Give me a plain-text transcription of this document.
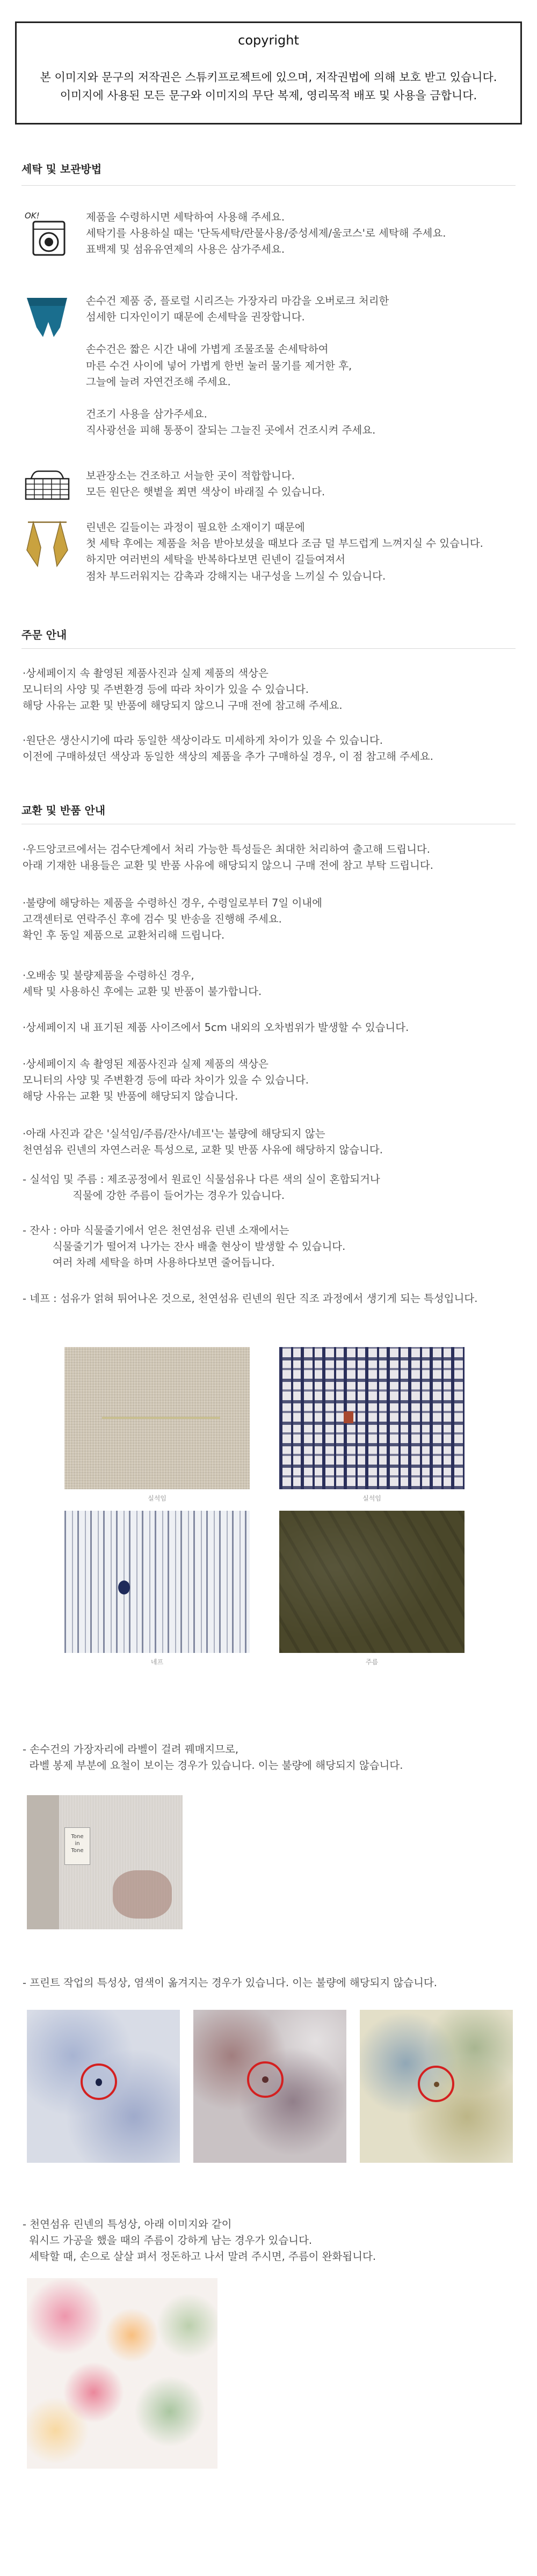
copyright
본 이미지와 문구의 저작권은 스튜키프로젝트에 있으며, 저작권법에 의해 보호 받고 있습니다.
이미지에 사용된 모든 문구와 이미지의 무단 복제, 영리목적 배포 및 사용을 금합니다.
세탁 및 보관방법
OK!	제품을 수령하시면 세탁하여 사용해 주세요.

세탁기를 사용하실 때는 '단독세탁/란물사용/중성세제/울코스'로 세탁해 주세요.

표백제 및 섬유유연제의 사용은 삼가주세요.

손수건 제품 중, 플로럴 시리즈는 가장자리 마감을 오버로크 처리한

섬세한 디자인이기 때문에 손세탁을 권장합니다.

손수건은 짧은 시간 내에 가볍게 조물조물 손세탁하여

마른 수건 사이에 넣어 가볍게 한번 눌러 물기를 제거한 후,

그늘에 늘려 자연건조해 주세요.

건조기 사용을 삼가주세요.

직사광선을 피해 통풍이 잘되는 그늘진 곳에서 건조시켜 주세요.

보관장소는 건조하고 서늘한 곳이 적합합니다.

모든 원단은 햇볕을 쬐면 색상이 바래질 수 있습니다.

린넨은 길들이는 과정이 필요한 소재이기 때문에

첫 세탁 후에는 제품을 처음 받아보셨을 때보다 조금 덜 부드럽게 느껴지실 수 있습니다.

하지만 여러번의 세탁을 반복하다보면 린넨이 길들여져서

점차 부드러워지는 감촉과 강해지는 내구성을 느끼실 수 있습니다.

주문 안내

·상세페이지 속 촬영된 제품사진과 실제 제품의 색상은

모니터의 사양 및 주변환경 등에 따라 차이가 있을 수 있습니다.

해당 사유는 교환 및 반품에 해당되지 않으니 구매 전에 참고해 주세요.

·원단은 생산시기에 따라 동일한 색상이라도 미세하게 차이가 있을 수 있습니다.

이전에 구매하셨던 색상과 동일한 색상의 제품을 추가 구매하실 경우, 이 점 참고해 주세요.

교환 및 반품 안내

·우드앙코르에서는 검수단계에서 처리 가능한 특성들은 최대한 처리하여 출고해 드립니다.

아래 기재한 내용들은 교환 및 반품 사유에 해당되지 않으니 구매 전에 참고 부탁 드립니다.

·불량에 해당하는 제품을 수령하신 경우, 수령일로부터 7일 이내에

고객센터로 연락주신 후에 검수 및 반송을 진행해 주세요.

확인 후 동일 제품으로 교환처리해 드립니다.

·오배송 및 불량제품을 수령하신 경우,

세탁 및 사용하신 후에는 교환 및 반품이 불가합니다.

·상세페이지 내 표기된 제품 사이즈에서 5cm 내외의 오차범위가 발생할 수 있습니다.

·상세페이지 속 촬영된 제품사진과 실제 제품의 색상은

모니터의 사양 및 주변환경 등에 따라 차이가 있을 수 있습니다.

해당 사유는 교환 및 반품에 해당되지 않습니다.

·아래 사진과 같은 '실석임/주름/잔사/네프'는 불량에 해당되지 않는

천연섬유 린넨의 자연스러운 특성으로, 교환 및 반품 사유에 해당하지 않습니다.

- 실석임 및 주름 : 제조공정에서 원료인 식물섬유나 다른 색의 실이 혼합되거나

직물에 강한 주름이 들어가는 경우가 있습니다.

- 잔사 : 아마 식물줄기에서 얻은 천연섬유 린넨 소재에서는

식물줄기가 떨어져 나가는 잔사 배출 현상이 발생할 수 있습니다.

여러 차례 세탁을 하며 사용하다보면 줄어듭니다.

- 네프 : 섬유가 얽혀 튀어나온 것으로, 천연섬유 린넨의 원단 직조 과정에서 생기게 되는 특성입니다.

실석임	실석임
네프	주름

- 손수건의 가장자리에 라벨이 걸려 꿰매지므로,

라벨 봉제 부분에 요철이 보이는 경우가 있습니다. 이는 불량에 해당되지 않습니다.

Tone
in
Tone

- 프린트 작업의 특성상, 염색이 옮겨지는 경우가 있습니다. 이는 불량에 해당되지 않습니다.

- 천연섬유 린넨의 특성상, 아래 이미지와 같이

워시드 가공을 했을 때의 주름이 강하게 남는 경우가 있습니다.

세탁할 때, 손으로 살살 펴서 정돈하고 나서 말려 주시면, 주름이 완화됩니다.
